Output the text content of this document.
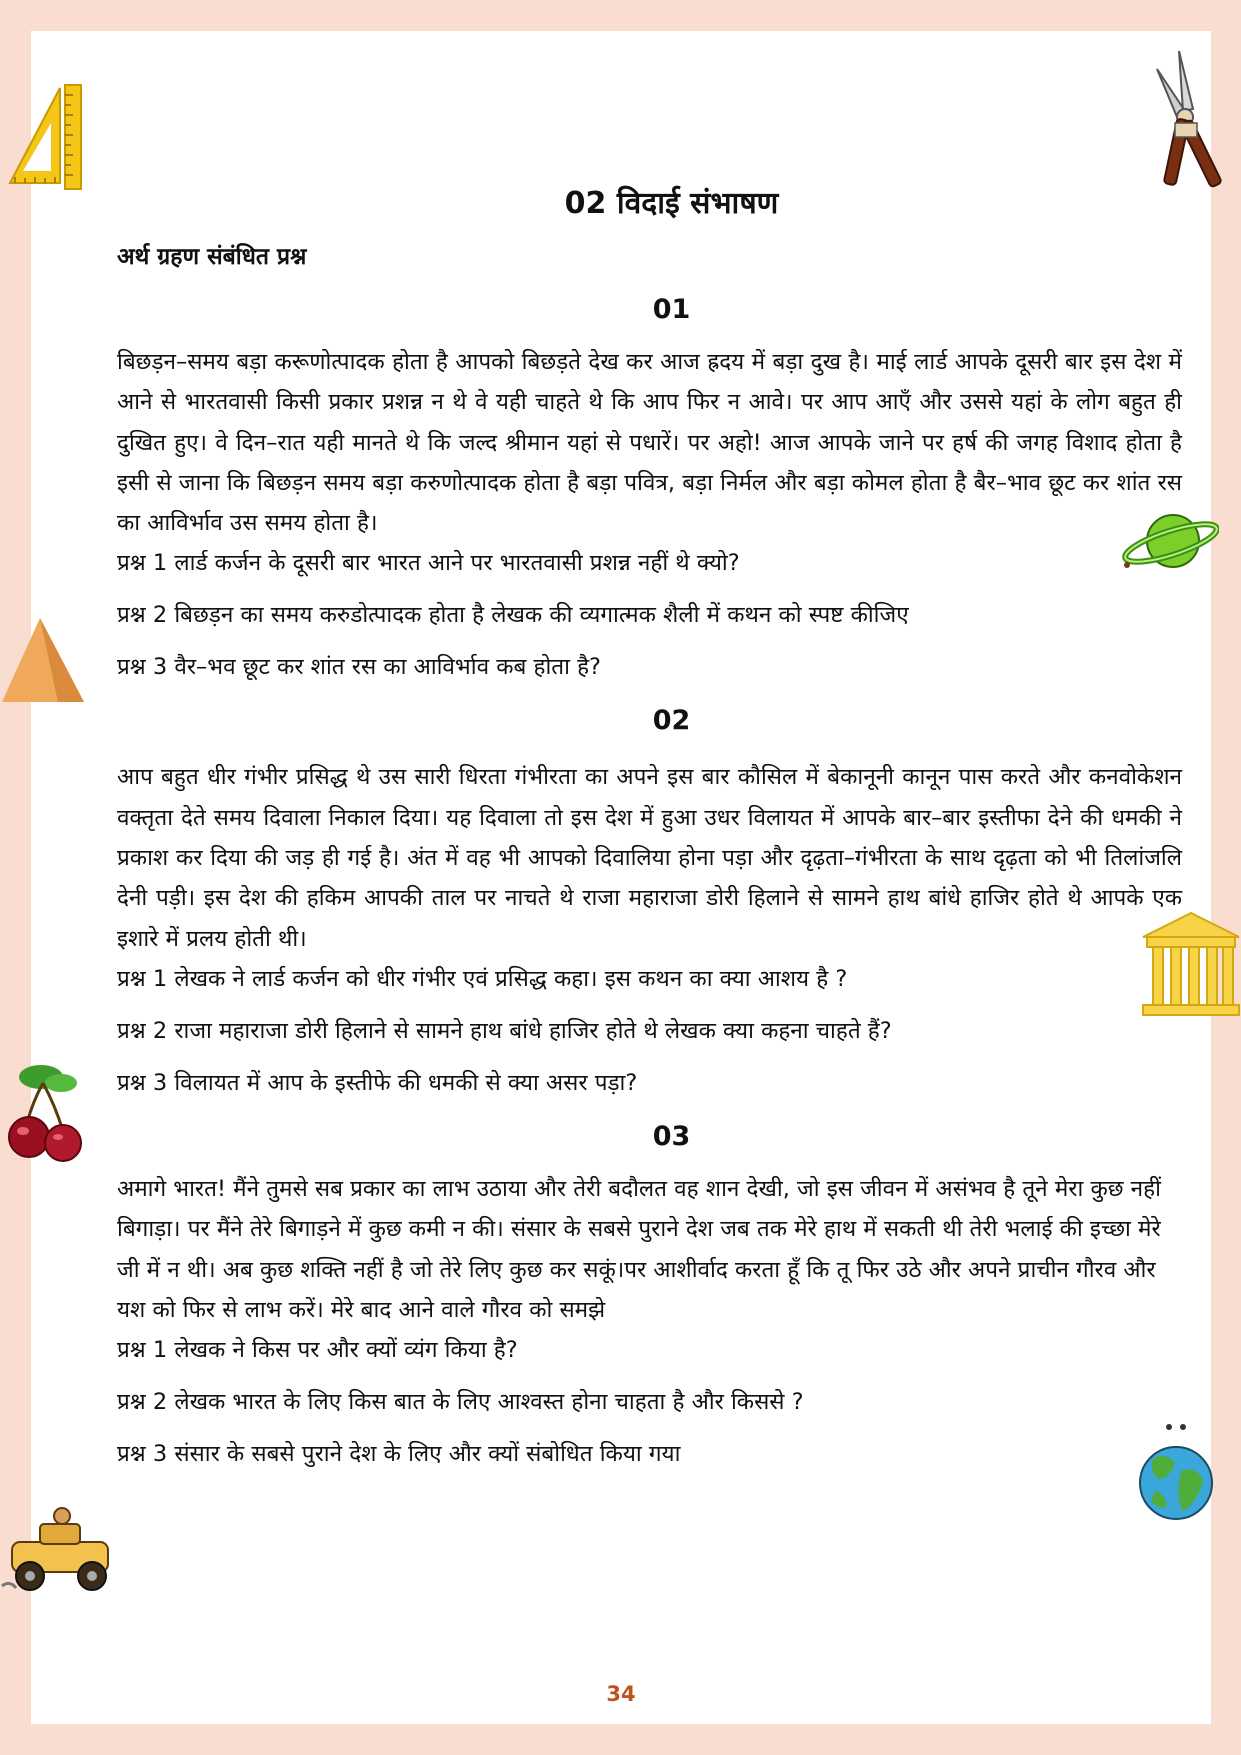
02 विदाई संभाषण
अर्थ ग्रहण संबंधित प्रश्न
01

बिछड़न–समय बड़ा करूणोत्पादक होता है आपको बिछड़ते देख कर आज ह्रदय में बड़ा दुख है। माई लार्ड आपके दूसरी बार इस देश में आने से भारतवासी किसी प्रकार प्रशन्न न थे वे यही चाहते थे कि आप फिर न आवे। पर आप आएँ और उससे यहां के लोग बहुत ही दुखित हुए। वे दिन–रात यही मानते थे कि जल्द श्रीमान यहां से पधारें। पर अहो! आज आपके जाने पर हर्ष की जगह विशाद होता है इसी से जाना कि बिछड़न समय बड़ा करुणोत्पादक होता है बड़ा पवित्र, बड़ा निर्मल और बड़ा कोमल होता है बैर–भाव छूट कर शांत रस का आविर्भाव उस समय होता है।

प्रश्न 1 लार्ड कर्जन के दूसरी बार भारत आने पर भारतवासी प्रशन्न नहीं थे क्यो?

प्रश्न 2 बिछड़न का समय करुडोत्पादक होता है लेखक की व्यगात्मक शैली में कथन को स्पष्ट कीजिए

प्रश्न 3 वैर–भव छूट कर शांत रस का आविर्भाव कब होता है?

02

आप बहुत धीर गंभीर प्रसिद्ध थे उस सारी धिरता गंभीरता का अपने इस बार कौसिल में बेकानूनी कानून पास करते और कनवोकेशन वक्तृता देते समय दिवाला निकाल दिया। यह दिवाला तो इस देश में हुआ उधर विलायत में आपके बार–बार इस्तीफा देने की धमकी ने प्रकाश कर दिया की जड़ ही गई है। अंत में वह भी आपको दिवालिया होना पड़ा और दृढ़ता–गंभीरता के साथ दृढ़ता को भी तिलांजलि देनी पड़ी। इस देश की हकिम आपकी ताल पर नाचते थे राजा महाराजा डोरी हिलाने से सामने हाथ बांधे हाजिर होते थे आपके एक इशारे में प्रलय होती थी।

प्रश्न 1 लेखक ने लार्ड कर्जन को धीर गंभीर एवं प्रसिद्ध कहा। इस कथन का क्या आशय है ?

प्रश्न 2 राजा महाराजा डोरी हिलाने से सामने हाथ बांधे हाजिर होते थे लेखक क्या कहना चाहते हैं?

प्रश्न 3 विलायत में आप के इस्तीफे की धमकी से क्या असर पड़ा?

03

अमागे भारत! मैंने तुमसे सब प्रकार का लाभ उठाया और तेरी बदौलत वह शान देखी, जो इस जीवन में असंभव है तूने मेरा कुछ नहीं बिगाड़ा। पर मैंने तेरे बिगाड़ने में कुछ कमी न की। संसार के सबसे पुराने देश जब तक मेरे हाथ में सकती थी तेरी भलाई की इच्छा मेरे जी में न थी। अब कुछ शक्ति नहीं है जो तेरे लिए कुछ कर सकूं।पर आशीर्वाद करता हूँ कि तू फिर उठे और अपने प्राचीन गौरव और यश को फिर से लाभ करें। मेरे बाद आने वाले गौरव को समझे

प्रश्न 1 लेखक ने किस पर और क्यों व्यंग किया है?

प्रश्न 2 लेखक भारत के लिए किस बात के लिए आश्वस्त होना चाहता है और किससे ?

प्रश्न 3 संसार के सबसे पुराने देश के लिए और क्यों संबोधित किया गया

34
